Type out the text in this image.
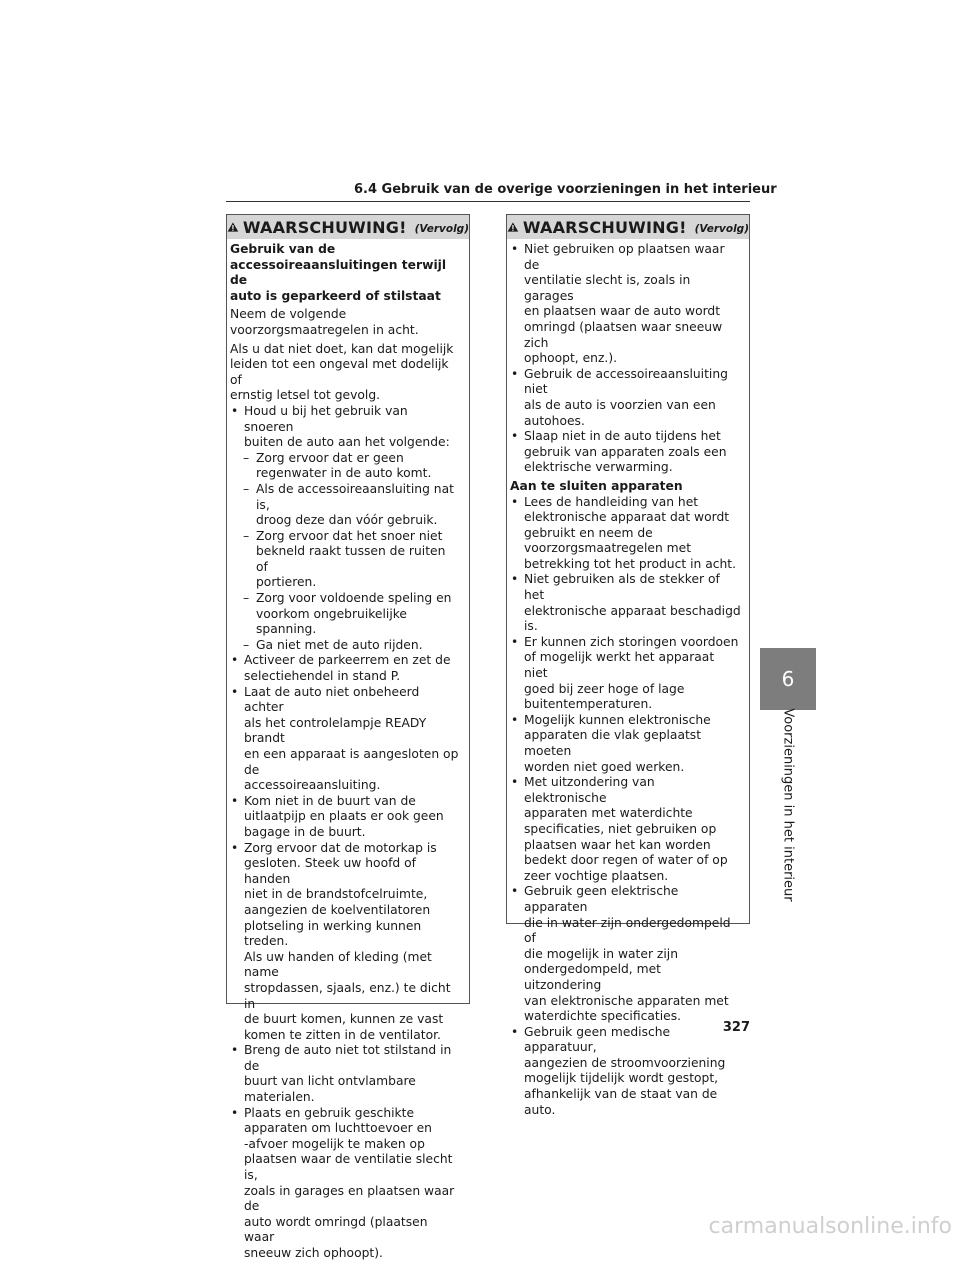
6.4 Gebruik van de overige voorzieningen in het interieur
WAARSCHUWING! (Vervolg)
Gebruik van de
accessoireaansluitingen terwijl de
auto is geparkeerd of stilstaat
Neem de volgende
voorzorgsmaatregelen in acht.
Als u dat niet doet, kan dat mogelijk
leiden tot een ongeval met dodelijk of
ernstig letsel tot gevolg.
• Houd u bij het gebruik van snoeren
buiten de auto aan het volgende:
– Zorg ervoor dat er geen
regenwater in de auto komt.
– Als de accessoireaansluiting nat is,
droog deze dan vóór gebruik.
– Zorg ervoor dat het snoer niet
bekneld raakt tussen de ruiten of
portieren.
– Zorg voor voldoende speling en
voorkom ongebruikelijke spanning.
– Ga niet met de auto rijden.
• Activeer de parkeerrem en zet de
selectiehendel in stand P.
• Laat de auto niet onbeheerd achter
als het controlelampje READY brandt
en een apparaat is aangesloten op de
accessoireaansluiting.
• Kom niet in de buurt van de
uitlaatpijp en plaats er ook geen
bagage in de buurt.
• Zorg ervoor dat de motorkap is
gesloten. Steek uw hoofd of handen
niet in de brandstofcelruimte,
aangezien de koelventilatoren
plotseling in werking kunnen treden.
Als uw handen of kleding (met name
stropdassen, sjaals, enz.) te dicht in
de buurt komen, kunnen ze vast
komen te zitten in de ventilator.
• Breng de auto niet tot stilstand in de
buurt van licht ontvlambare
materialen.
• Plaats en gebruik geschikte
apparaten om luchttoevoer en
-afvoer mogelijk te maken op
plaatsen waar de ventilatie slecht is,
zoals in garages en plaatsen waar de
auto wordt omringd (plaatsen waar
sneeuw zich ophoopt).
WAARSCHUWING! (Vervolg)
• Niet gebruiken op plaatsen waar de
ventilatie slecht is, zoals in garages
en plaatsen waar de auto wordt
omringd (plaatsen waar sneeuw zich
ophoopt, enz.).
• Gebruik de accessoireaansluiting niet
als de auto is voorzien van een
autohoes.
• Slaap niet in de auto tijdens het
gebruik van apparaten zoals een
elektrische verwarming.
Aan te sluiten apparaten
• Lees de handleiding van het
elektronische apparaat dat wordt
gebruikt en neem de
voorzorgsmaatregelen met
betrekking tot het product in acht.
• Niet gebruiken als de stekker of het
elektronische apparaat beschadigd
is.
• Er kunnen zich storingen voordoen
of mogelijk werkt het apparaat niet
goed bij zeer hoge of lage
buitentemperaturen.
• Mogelijk kunnen elektronische
apparaten die vlak geplaatst moeten
worden niet goed werken.
• Met uitzondering van elektronische
apparaten met waterdichte
specificaties, niet gebruiken op
plaatsen waar het kan worden
bedekt door regen of water of op
zeer vochtige plaatsen.
• Gebruik geen elektrische apparaten
die in water zijn ondergedompeld of
die mogelijk in water zijn
ondergedompeld, met uitzondering
van elektronische apparaten met
waterdichte specificaties.
• Gebruik geen medische apparatuur,
aangezien de stroomvoorziening
mogelijk tijdelijk wordt gestopt,
afhankelijk van de staat van de auto.
6
Voorzieningen in het interieur
327
carmanualsonline.info
